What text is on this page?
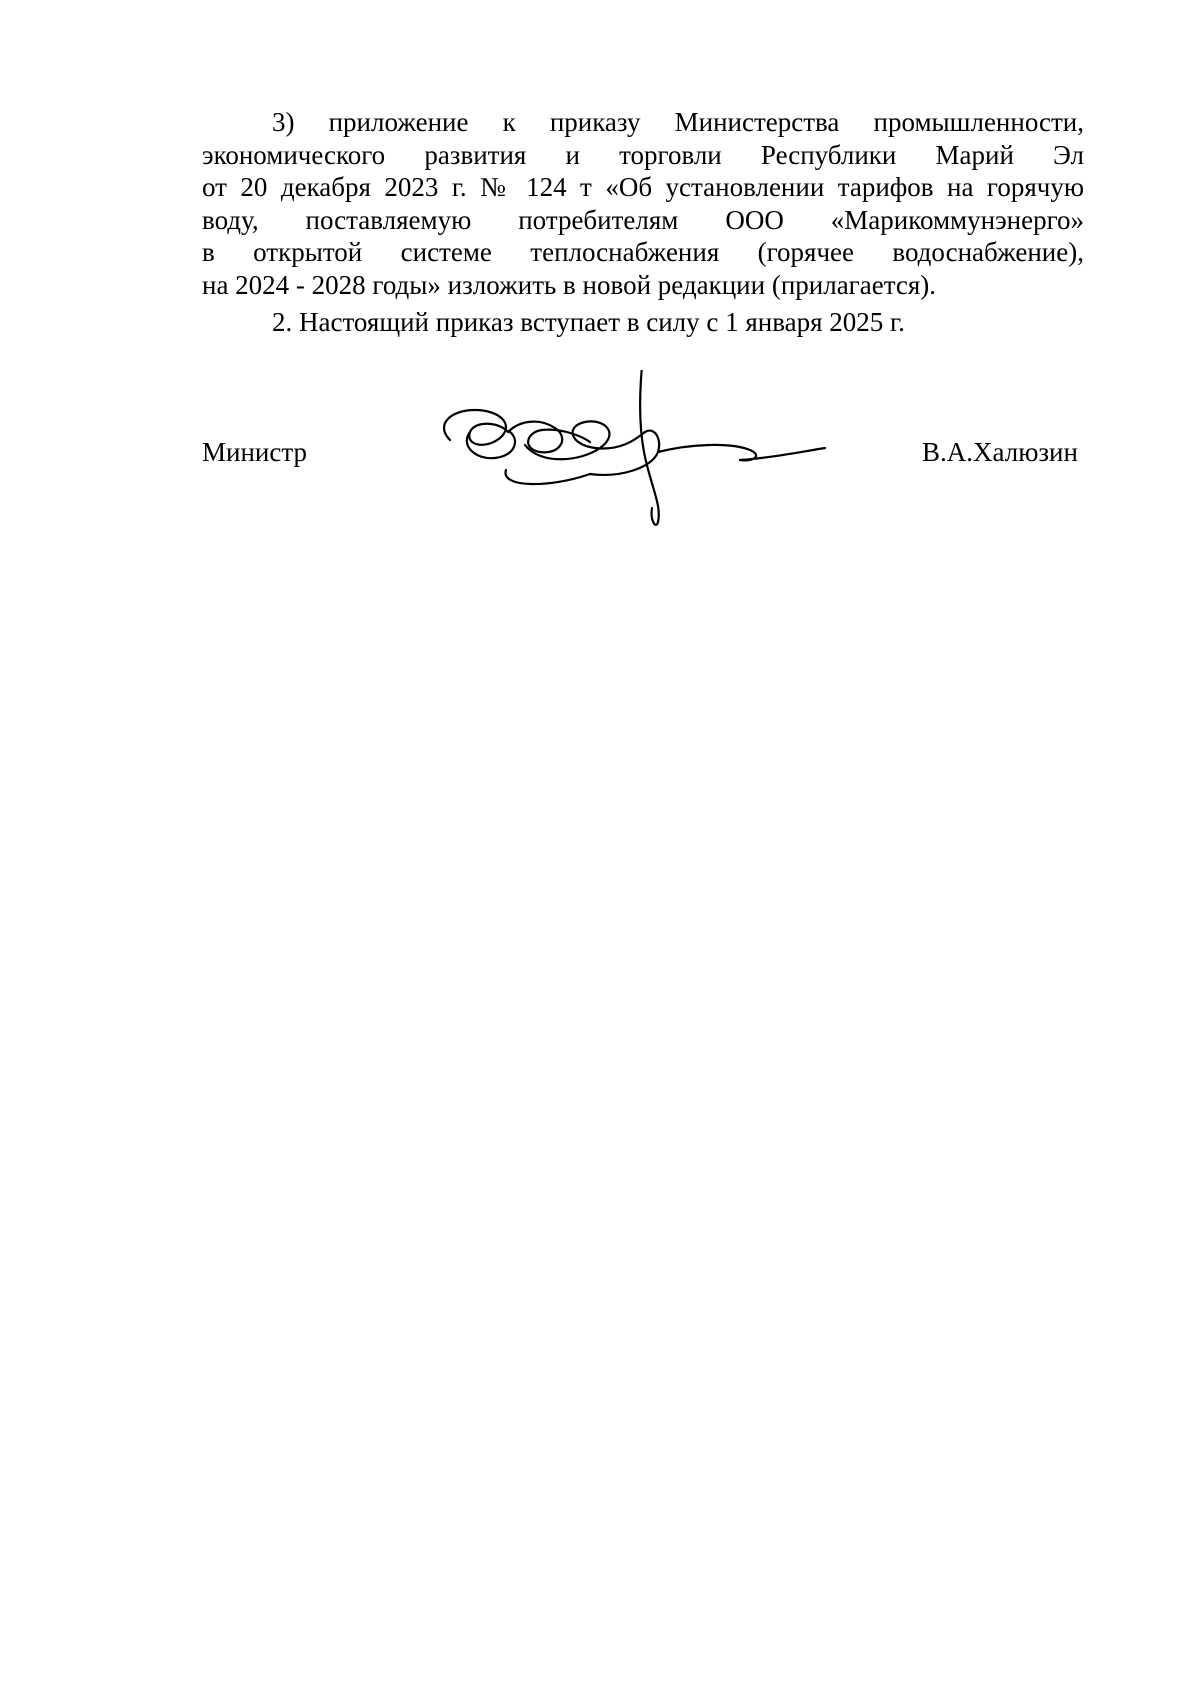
3) приложение к приказу Министерства промышленности,
экономического развития и торговли Республики Марий Эл
от 20 декабря 2023 г. № 124 т «Об установлении тарифов на горячую
воду, поставляемую потребителям ООО «Марикоммунэнерго»
в открытой системе теплоснабжения (горячее водоснабжение),
на 2024 - 2028 годы» изложить в новой редакции (прилагается).
2. Настоящий приказ вступает в силу с 1 января 2025 г.
Министр	В.А.Халюзин
